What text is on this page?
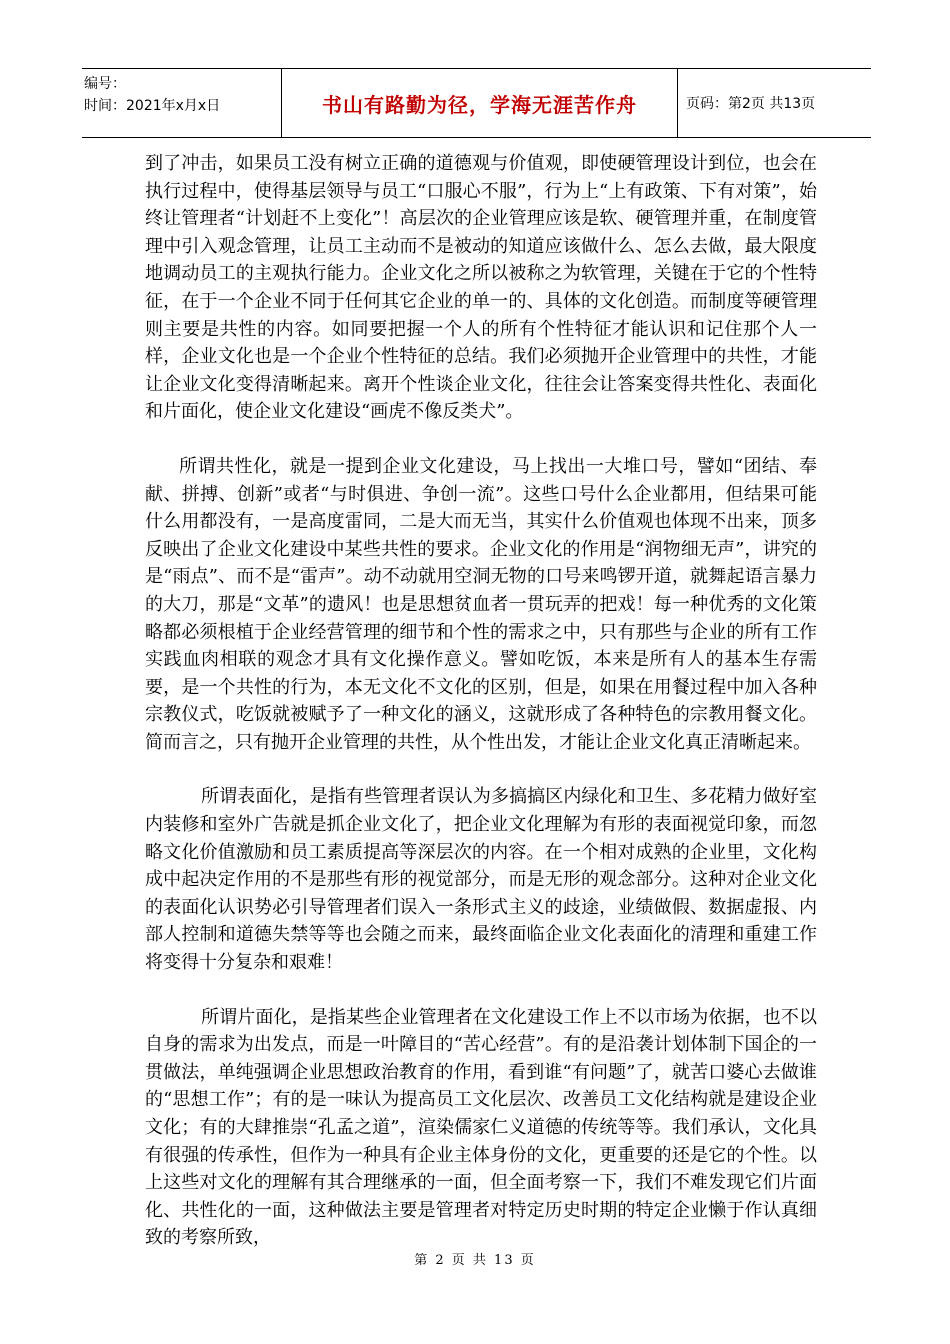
编号：
时间：2021年x月x日	书山有路勤为径，学海无涯苦作舟	页码：第2页 共13页

到了冲击，如果员工没有树立正确的道德观与价值观，即使硬管理设计到位，也会在执行过程中，使得基层领导与员工“口服心不服”，行为上“上有政策、下有对策”，始终让管理者“计划赶不上变化”！高层次的企业管理应该是软、硬管理并重，在制度管理中引入观念管理，让员工主动而不是被动的知道应该做什么、怎么去做，最大限度地调动员工的主观执行能力。企业文化之所以被称之为软管理，关键在于它的个性特征，在于一个企业不同于任何其它企业的单一的、具体的文化创造。而制度等硬管理则主要是共性的内容。如同要把握一个人的所有个性特征才能认识和记住那个人一样，企业文化也是一个企业个性特征的总结。我们必须抛开企业管理中的共性，才能让企业文化变得清晰起来。离开个性谈企业文化，往往会让答案变得共性化、表面化和片面化，使企业文化建设“画虎不像反类犬”。

所谓共性化，就是一提到企业文化建设，马上找出一大堆口号，譬如“团结、奉献、拼搏、创新”或者“与时俱进、争创一流”。这些口号什么企业都用，但结果可能什么用都没有，一是高度雷同，二是大而无当，其实什么价值观也体现不出来，顶多反映出了企业文化建设中某些共性的要求。企业文化的作用是“润物细无声”，讲究的是“雨点”、而不是“雷声”。动不动就用空洞无物的口号来鸣锣开道，就舞起语言暴力的大刀，那是“文革”的遗风！也是思想贫血者一贯玩弄的把戏！每一种优秀的文化策略都必须根植于企业经营管理的细节和个性的需求之中，只有那些与企业的所有工作实践血肉相联的观念才具有文化操作意义。譬如吃饭，本来是所有人的基本生存需要，是一个共性的行为，本无文化不文化的区别，但是，如果在用餐过程中加入各种宗教仪式，吃饭就被赋予了一种文化的涵义，这就形成了各种特色的宗教用餐文化。简而言之，只有抛开企业管理的共性，从个性出发，才能让企业文化真正清晰起来。

所谓表面化，是指有些管理者误认为多搞搞区内绿化和卫生、多花精力做好室内装修和室外广告就是抓企业文化了，把企业文化理解为有形的表面视觉印象，而忽略文化价值激励和员工素质提高等深层次的内容。在一个相对成熟的企业里，文化构成中起决定作用的不是那些有形的视觉部分，而是无形的观念部分。这种对企业文化的表面化认识势必引导管理者们误入一条形式主义的歧途，业绩做假、数据虚报、内部人控制和道德失禁等等也会随之而来，最终面临企业文化表面化的清理和重建工作将变得十分复杂和艰难！

所谓片面化，是指某些企业管理者在文化建设工作上不以市场为依据，也不以自身的需求为出发点，而是一叶障目的“苦心经营”。有的是沿袭计划体制下国企的一贯做法，单纯强调企业思想政治教育的作用，看到谁“有问题”了，就苦口婆心去做谁的“思想工作”；有的是一味认为提高员工文化层次、改善员工文化结构就是建设企业文化；有的大肆推崇“孔孟之道”，渲染儒家仁义道德的传统等等。我们承认，文化具有很强的传承性，但作为一种具有企业主体身份的文化，更重要的还是它的个性。以上这些对文化的理解有其合理继承的一面，但全面考察一下，我们不难发现它们片面化、共性化的一面，这种做法主要是管理者对特定历史时期的特定企业懒于作认真细致的考察所致，

第 2 页 共 13 页
